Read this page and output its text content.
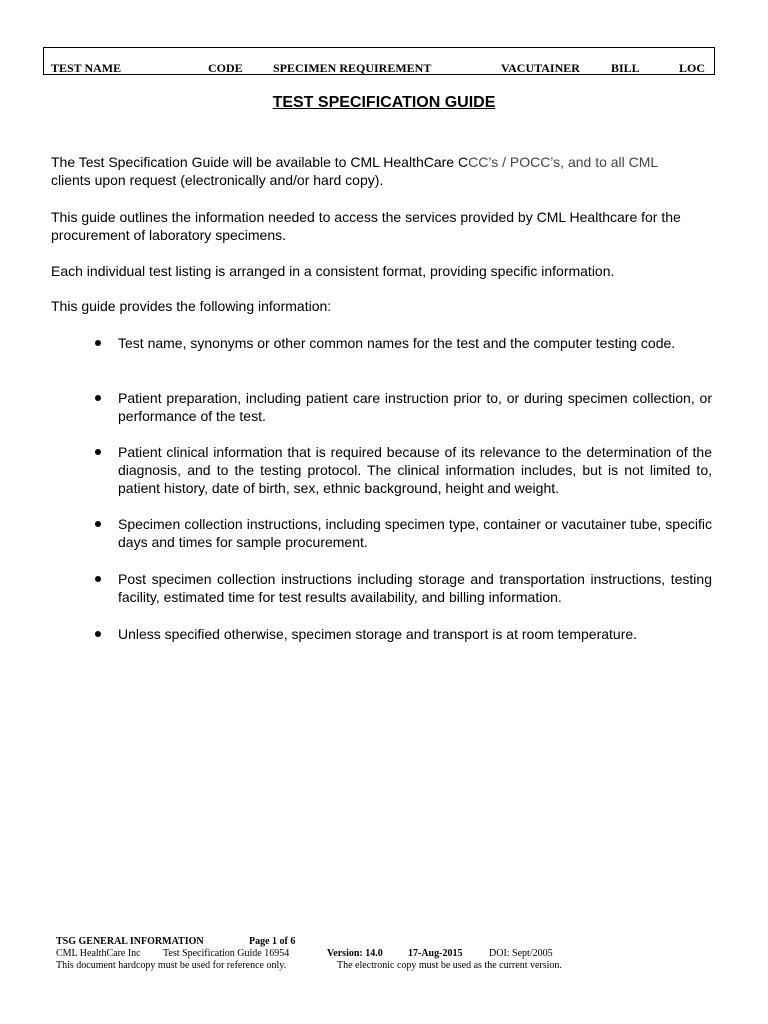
TEST NAME	CODE	SPECIMEN REQUIREMENT	VACUTAINER	BILL	LOC
TEST SPECIFICATION GUIDE

The Test Specification Guide will be available to CML HealthCare CCC’s / POCC’s, and to all CML
clients upon request (electronically and/or hard copy).

This guide outlines the information needed to access the services provided by CML Healthcare for the procurement of laboratory specimens.

Each individual test listing is arranged in a consistent format, providing specific information.

This guide provides the following information:

Test name, synonyms or other common names for the test and the computer testing code.
Patient preparation, including patient care instruction prior to, or during specimen collection, or performance of the test.
Patient clinical information that is required because of its relevance to the determination of the diagnosis, and to the testing protocol. The clinical information includes, but is not limited to, patient history, date of birth, sex, ethnic background, height and weight.
Specimen collection instructions, including specimen type, container or vacutainer tube, specific days and times for sample procurement.
Post specimen collection instructions including storage and transportation instructions, testing facility, estimated time for test results availability, and billing information.
Unless specified otherwise, specimen storage and transport is at room temperature.
TSG GENERAL INFORMATION	Page 1 of 6
CML HealthCare Inc Test Specification Guide 16954	Version: 14.0	17-Aug-2015	DOI: Sept/2005
This document hardcopy must be used for reference only.	The electronic copy must be used as the current version.
